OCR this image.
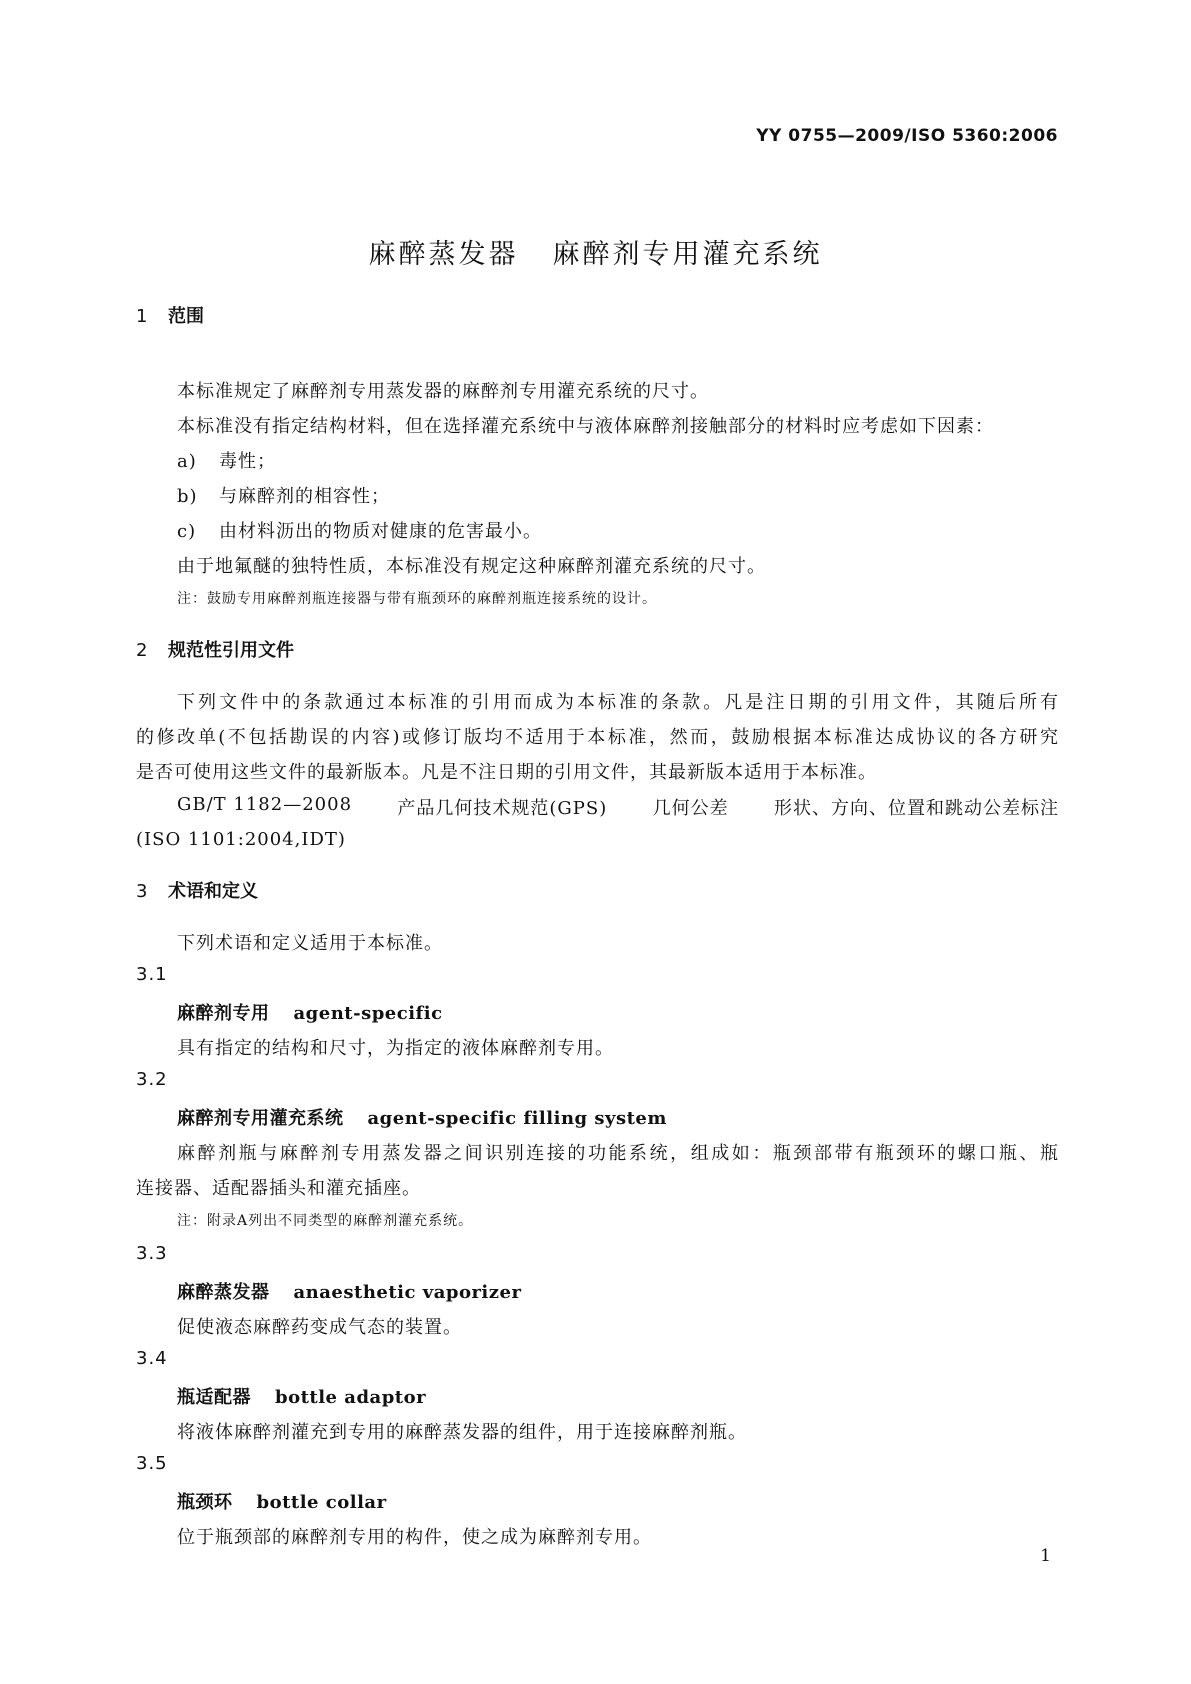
YY 0755—2009/ISO 5360:2006
麻醉蒸发器 麻醉剂专用灌充系统
1 范围
本标准规定了麻醉剂专用蒸发器的麻醉剂专用灌充系统的尺寸。
本标准没有指定结构材料，但在选择灌充系统中与液体麻醉剂接触部分的材料时应考虑如下因素：
a) 毒性；
b) 与麻醉剂的相容性；
c) 由材料沥出的物质对健康的危害最小。
由于地氟醚的独特性质，本标准没有规定这种麻醉剂灌充系统的尺寸。
注：鼓励专用麻醉剂瓶连接器与带有瓶颈环的麻醉剂瓶连接系统的设计。
2 规范性引用文件
下列文件中的条款通过本标准的引用而成为本标准的条款。凡是注日期的引用文件，其随后所有
的修改单(不包括勘误的内容)或修订版均不适用于本标准，然而，鼓励根据本标准达成协议的各方研究
是否可使用这些文件的最新版本。凡是不注日期的引用文件，其最新版本适用于本标准。
GB/T 1182—2008	产品几何技术规范(GPS)	几何公差	形状、方向、位置和跳动公差标注
(ISO 1101:2004,IDT)
3 术语和定义
下列术语和定义适用于本标准。
3.1
麻醉剂专用 agent-specific
具有指定的结构和尺寸，为指定的液体麻醉剂专用。
3.2
麻醉剂专用灌充系统 agent-specific filling system
麻醉剂瓶与麻醉剂专用蒸发器之间识别连接的功能系统，组成如：瓶颈部带有瓶颈环的螺口瓶、瓶
连接器、适配器插头和灌充插座。
注：附录A列出不同类型的麻醉剂灌充系统。
3.3
麻醉蒸发器 anaesthetic vaporizer
促使液态麻醉药变成气态的装置。
3.4
瓶适配器 bottle adaptor
将液体麻醉剂灌充到专用的麻醉蒸发器的组件，用于连接麻醉剂瓶。
3.5
瓶颈环 bottle collar
位于瓶颈部的麻醉剂专用的构件，使之成为麻醉剂专用。
1
